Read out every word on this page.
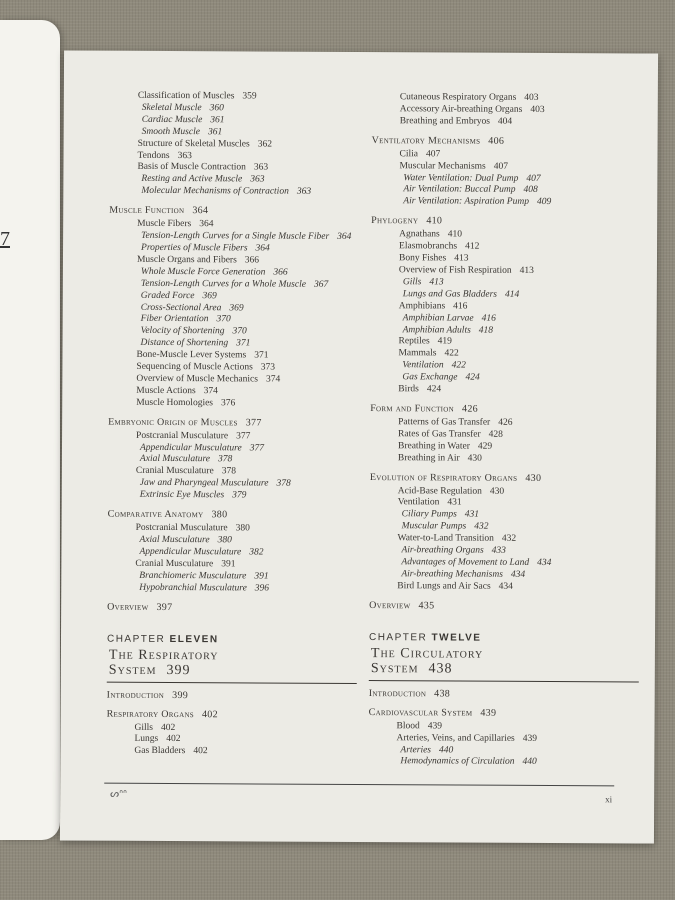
7
Classification of Muscles 359
Skeletal Muscle 360
Cardiac Muscle 361
Smooth Muscle 361
Structure of Skeletal Muscles 362
Tendons 363
Basis of Muscle Contraction 363
Resting and Active Muscle 363
Molecular Mechanisms of Contraction 363
Muscle Function 364
Muscle Fibers 364
Tension-Length Curves for a Single Muscle Fiber 364
Properties of Muscle Fibers 364
Muscle Organs and Fibers 366
Whole Muscle Force Generation 366
Tension-Length Curves for a Whole Muscle 367
Graded Force 369
Cross-Sectional Area 369
Fiber Orientation 370
Velocity of Shortening 370
Distance of Shortening 371
Bone-Muscle Lever Systems 371
Sequencing of Muscle Actions 373
Overview of Muscle Mechanics 374
Muscle Actions 374
Muscle Homologies 376
Embryonic Origin of Muscles 377
Postcranial Musculature 377
Appendicular Musculature 377
Axial Musculature 378
Cranial Musculature 378
Jaw and Pharyngeal Musculature 378
Extrinsic Eye Muscles 379
Comparative Anatomy 380
Postcranial Musculature 380
Axial Musculature 380
Appendicular Musculature 382
Cranial Musculature 391
Branchiomeric Musculature 391
Hypobranchial Musculature 396
Overview 397
CHAPTER ELEVEN
The Respiratory
System 399
Introduction 399
Respiratory Organs 402
Gills 402
Lungs 402
Gas Bladders 402
Cutaneous Respiratory Organs 403
Accessory Air-breathing Organs 403
Breathing and Embryos 404
Ventilatory Mechanisms 406
Cilia 407
Muscular Mechanisms 407
Water Ventilation: Dual Pump 407
Air Ventilation: Buccal Pump 408
Air Ventilation: Aspiration Pump 409
Phylogeny 410
Agnathans 410
Elasmobranchs 412
Bony Fishes 413
Overview of Fish Respiration 413
Gills 413
Lungs and Gas Bladders 414
Amphibians 416
Amphibian Larvae 416
Amphibian Adults 418
Reptiles 419
Mammals 422
Ventilation 422
Gas Exchange 424
Birds 424
Form and Function 426
Patterns of Gas Transfer 426
Rates of Gas Transfer 428
Breathing in Water 429
Breathing in Air 430
Evolution of Respiratory Organs 430
Acid-Base Regulation 430
Ventilation 431
Ciliary Pumps 431
Muscular Pumps 432
Water-to-Land Transition 432
Air-breathing Organs 433
Advantages of Movement to Land 434
Air-breathing Mechanisms 434
Bird Lungs and Air Sacs 434
Overview 435
CHAPTER TWELVE
The Circulatory
System 438
Introduction 438
Cardiovascular System 439
Blood 439
Arteries, Veins, and Capillaries 439
Arteries 440
Hemodynamics of Circulation 440
ᔕᐢᐢ	xi
